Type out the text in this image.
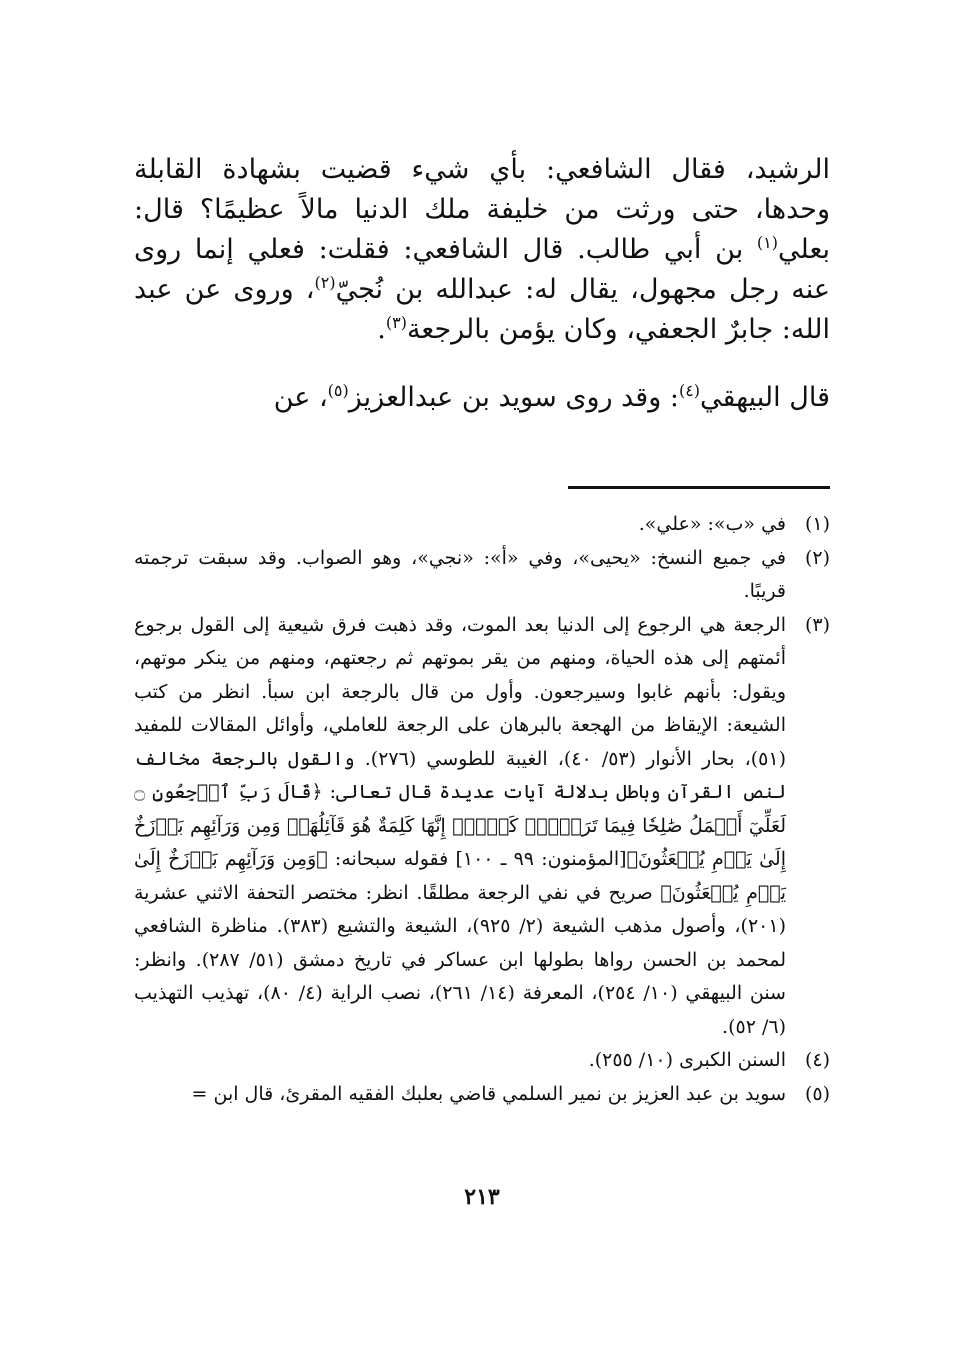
الرشيد، فقال الشافعي: بأي شيء قضيت بشهادة القابلة وحدها، حتى ورثت من خليفة ملك الدنيا مالاً عظيمًا؟ قال: بعلي$^{(١)}$ بن أبي طالب. قال الشافعي: فقلت: فعلي إنما روى عنه رجل مجهول، يقال له: عبدالله بن نُجيّ$^{(٢)}$، وروى عن عبد الله: جابرٌ الجعفي، وكان يؤمن بالرجعة$^{(٣)}$.

قال البيهقي$^{(٤)}$: وقد روى سويد بن عبدالعزيز$^{(٥)}$، عن

(١)
في «ب»: «علي».
(٢)
في جميع النسخ: «يحيى»، وفي «أ»: «نجي»، وهو الصواب. وقد سبقت ترجمته قريبًا.
(٣)
الرجعة هي الرجوع إلى الدنيا بعد الموت، وقد ذهبت فرق شيعية إلى القول برجوع أئمتهم إلى هذه الحياة، ومنهم من يقر بموتهم ثم رجعتهم، ومنهم من ينكر موتهم، ويقول: بأنهم غابوا وسيرجعون. وأول من قال بالرجعة ابن سبأ. انظر من كتب الشيعة: الإيقاظ من الهجعة بالبرهان على الرجعة للعاملي، وأوائل المقالات للمفيد (٥١)، بحار الأنوار (٥٣/ ٤٠)، الغيبة للطوسي (٢٧٦). والقول بالرجعة مخالف لنص القرآن وباطل بدلالة آيات عديدة قال تعالى: ﴿قَالَ رَبِّ ٱرۡجِعُونِ ۝ لَعَلِّيٓ أَعۡمَلُ صَٰلِحٗا فِيمَا تَرَكۡتُۚ كَلَّآۚ إِنَّهَا كَلِمَةٌ هُوَ قَآئِلُهَاۖ وَمِن وَرَآئِهِم بَرۡزَخٌ إِلَىٰ يَوۡمِ يُبۡعَثُونَ﴾[المؤمنون: ٩٩ ـ ١٠٠] فقوله سبحانه: ﴿وَمِن وَرَآئِهِم بَرۡزَخٌ إِلَىٰ يَوۡمِ يُبۡعَثُونَ﴾ صريح في نفي الرجعة مطلقًا. انظر: مختصر التحفة الاثني عشرية (٢٠١)، وأصول مذهب الشيعة (٢/ ٩٢٥)، الشيعة والتشيع (٣٨٣). مناظرة الشافعي لمحمد بن الحسن رواها بطولها ابن عساكر في تاريخ دمشق (٥١/ ٢٨٧). وانظر: سنن البيهقي (١٠/ ٢٥٤)، المعرفة (١٤/ ٢٦١)، نصب الراية (٤/ ٨٠)، تهذيب التهذيب (٦/ ٥٢).
(٤)
السنن الكبرى (١٠/ ٢٥٥).
(٥)
سويد بن عبد العزيز بن نمير السلمي قاضي بعلبك الفقيه المقرئ، قال ابن =
٢١٣
